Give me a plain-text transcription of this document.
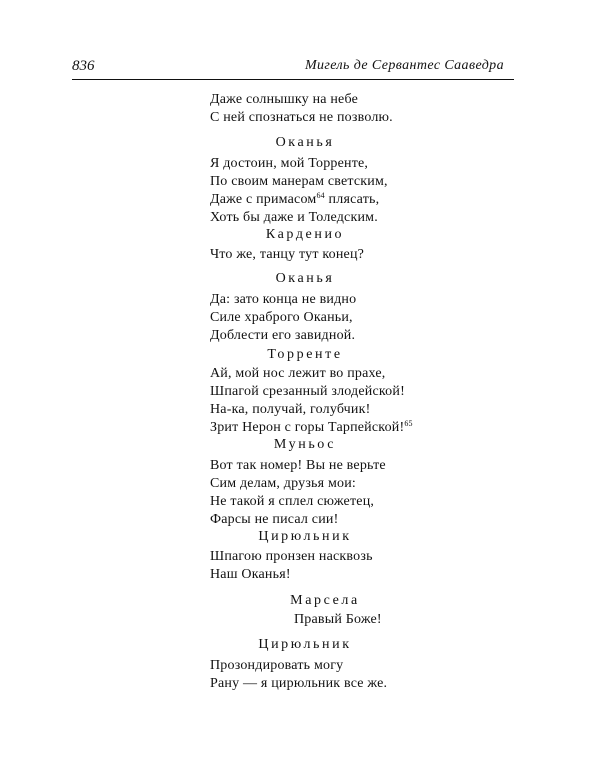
836	Мигель де Сервантес Сааведра
Даже солнышку на небе
С ней спознаться не позволю.
Оканья
Я достоин, мой Торренте,
По своим манерам светским,
Даже с примасом$^{64}$ плясать,
Хоть бы даже и Толедским.
Карденио
Что же, танцу тут конец?
Оканья
Да: зато конца не видно
Силе храброго Оканьи,
Доблести его завидной.
Торренте
Ай, мой нос лежит во прахе,
Шпагой срезанный злодейской!
На-ка, получай, голубчик!
Зрит Нерон с горы Тарпейской!$^{65}$
Муньос
Вот так номер! Вы не верьте
Сим делам, друзья мои:
Не такой я сплел сюжетец,
Фарсы не писал сии!
Цирюльник
Шпагою пронзен насквозь
Наш Оканья!
Марсела
Правый Боже!
Цирюльник
Прозондировать могу
Рану — я цирюльник все же.
